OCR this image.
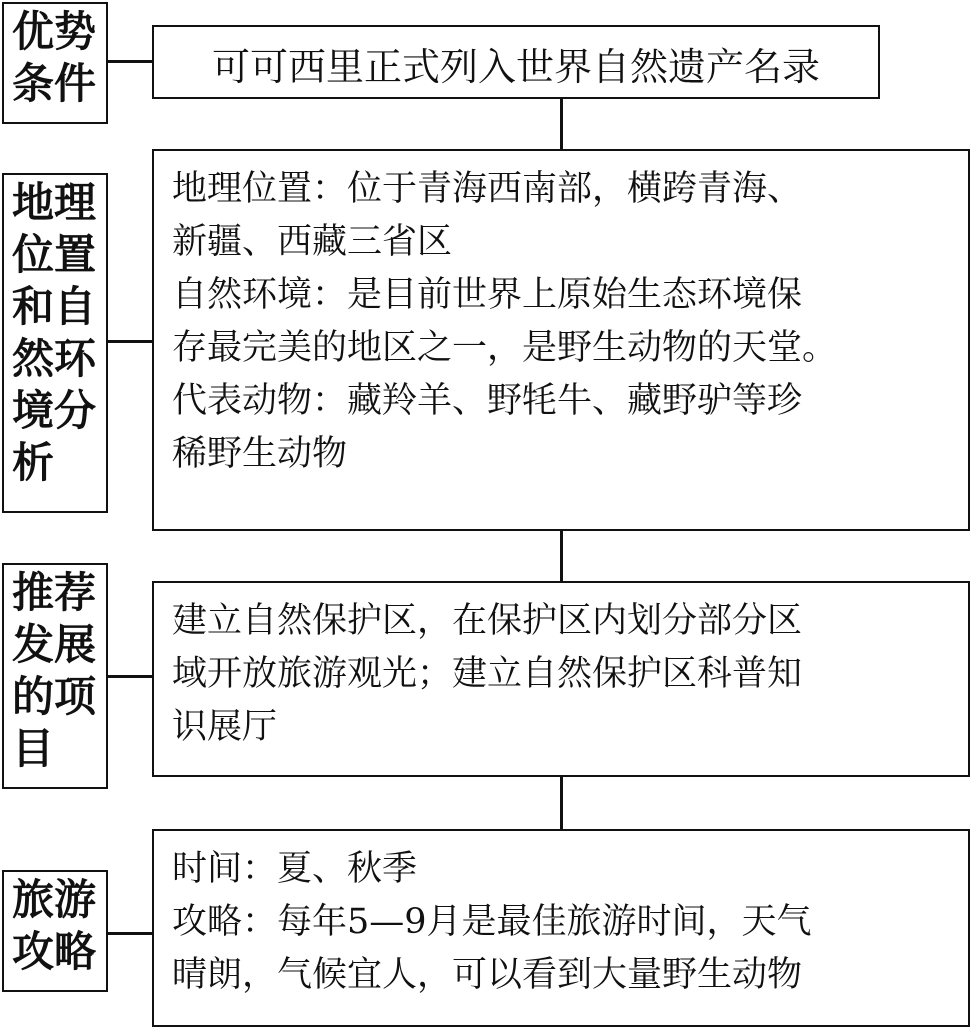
优势
条件	可可西里正式列入世界自然遗产名录
地理
位置
和自
然环
境分
析
地理位置：位于青海西南部，横跨青海、
新疆、西藏三省区
自然环境：是目前世界上原始生态环境保
存最完美的地区之一，是野生动物的天堂。
代表动物：藏羚羊、野牦牛、藏野驴等珍
稀野生动物
推荐
发展
的项
目
建立自然保护区，在保护区内划分部分区
域开放旅游观光；建立自然保护区科普知
识展厅
旅游
攻略
时间：夏、秋季
攻略：每年5—9月是最佳旅游时间，天气
晴朗，气候宜人，可以看到大量野生动物
